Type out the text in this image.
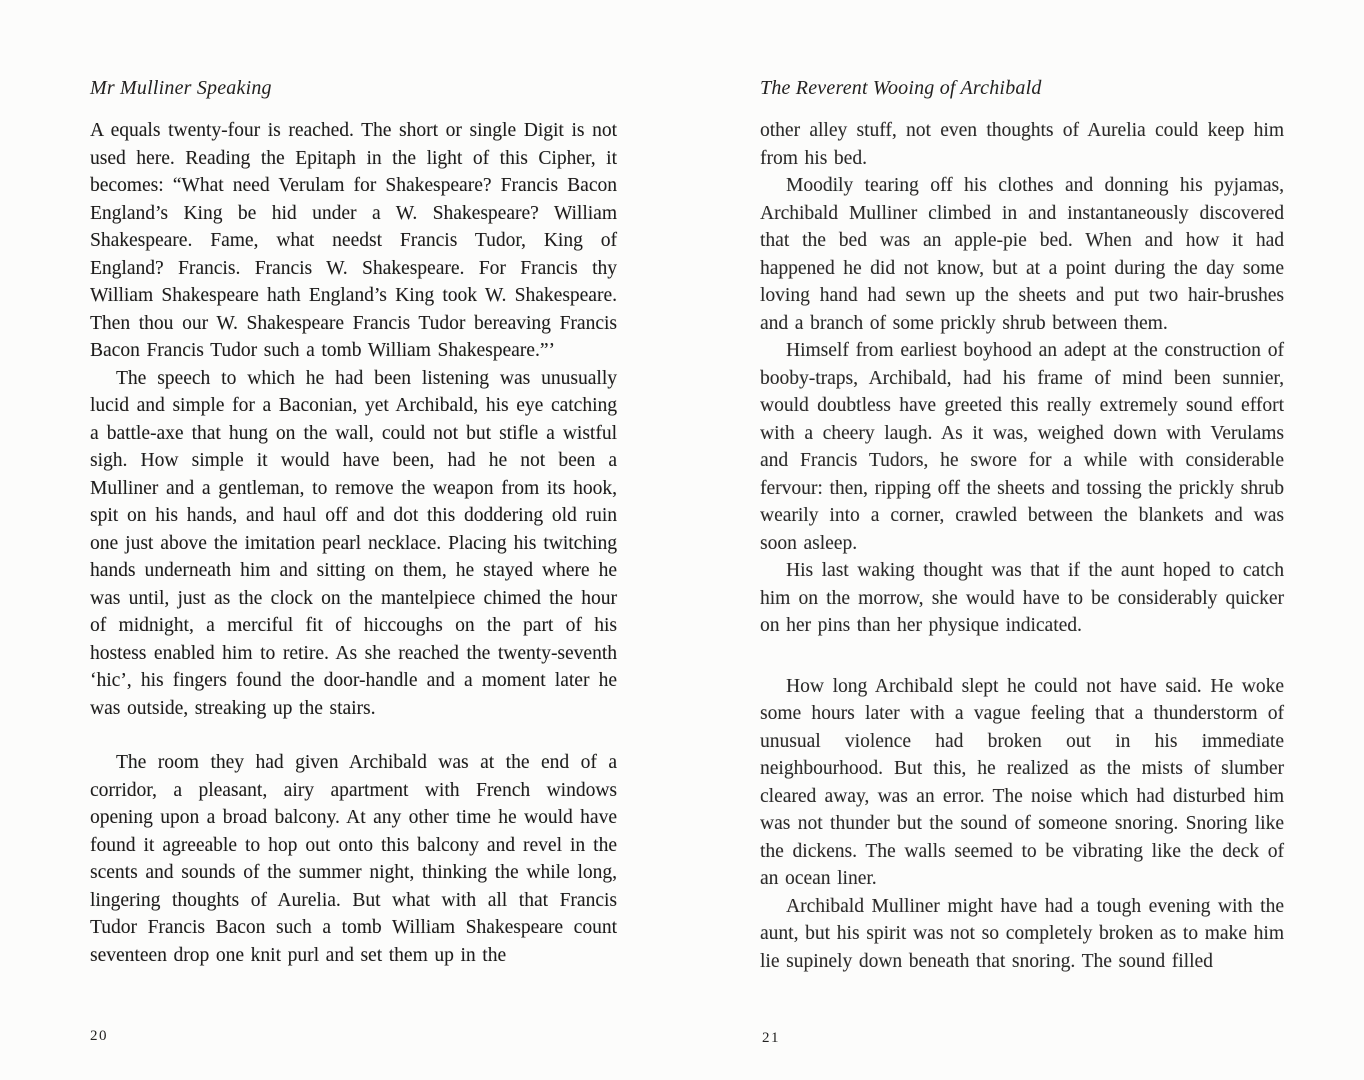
Mr Mulliner Speaking

A equals twenty-four is reached. The short or single Digit is not used here. Reading the Epitaph in the light of this Cipher, it becomes: “What need Verulam for Shakespeare? Francis Bacon England’s King be hid under a W. Shakespeare? William Shakespeare. Fame, what needst Francis Tudor, King of England? Francis. Francis W. Shakespeare. For Francis thy William Shakespeare hath England’s King took W. Shakespeare. Then thou our W. Shakespeare Francis Tudor bereaving Francis Bacon Francis Tudor such a tomb William Shakespeare.”’

The speech to which he had been listening was unusually lucid and simple for a Baconian, yet Archibald, his eye catching a battle-axe that hung on the wall, could not but stifle a wistful sigh. How simple it would have been, had he not been a Mulliner and a gentleman, to remove the weapon from its hook, spit on his hands, and haul off and dot this doddering old ruin one just above the imitation pearl necklace. Placing his twitching hands underneath him and sitting on them, he stayed where he was until, just as the clock on the mantelpiece chimed the hour of midnight, a merciful fit of hiccoughs on the part of his hostess enabled him to retire. As she reached the twenty-seventh ‘hic’, his fingers found the door-handle and a moment later he was outside, streaking up the stairs.

The room they had given Archibald was at the end of a corridor, a pleasant, airy apartment with French windows opening upon a broad balcony. At any other time he would have found it agreeable to hop out onto this balcony and revel in the scents and sounds of the summer night, thinking the while long, lingering thoughts of Aurelia. But what with all that Francis Tudor Francis Bacon such a tomb William Shakespeare count seventeen drop one knit purl and set them up in the

20
The Reverent Wooing of Archibald

other alley stuff, not even thoughts of Aurelia could keep him from his bed.

Moodily tearing off his clothes and donning his pyjamas, Archibald Mulliner climbed in and instantaneously discovered that the bed was an apple-pie bed. When and how it had happened he did not know, but at a point during the day some loving hand had sewn up the sheets and put two hair-brushes and a branch of some prickly shrub between them.

Himself from earliest boyhood an adept at the construction of booby-traps, Archibald, had his frame of mind been sunnier, would doubtless have greeted this really extremely sound effort with a cheery laugh. As it was, weighed down with Verulams and Francis Tudors, he swore for a while with considerable fervour: then, ripping off the sheets and tossing the prickly shrub wearily into a corner, crawled between the blankets and was soon asleep.

His last waking thought was that if the aunt hoped to catch him on the morrow, she would have to be considerably quicker on her pins than her physique indicated.

How long Archibald slept he could not have said. He woke some hours later with a vague feeling that a thunderstorm of unusual violence had broken out in his immediate neighbourhood. But this, he realized as the mists of slumber cleared away, was an error. The noise which had disturbed him was not thunder but the sound of someone snoring. Snoring like the dickens. The walls seemed to be vibrating like the deck of an ocean liner.

Archibald Mulliner might have had a tough evening with the aunt, but his spirit was not so completely broken as to make him lie supinely down beneath that snoring. The sound filled

21
